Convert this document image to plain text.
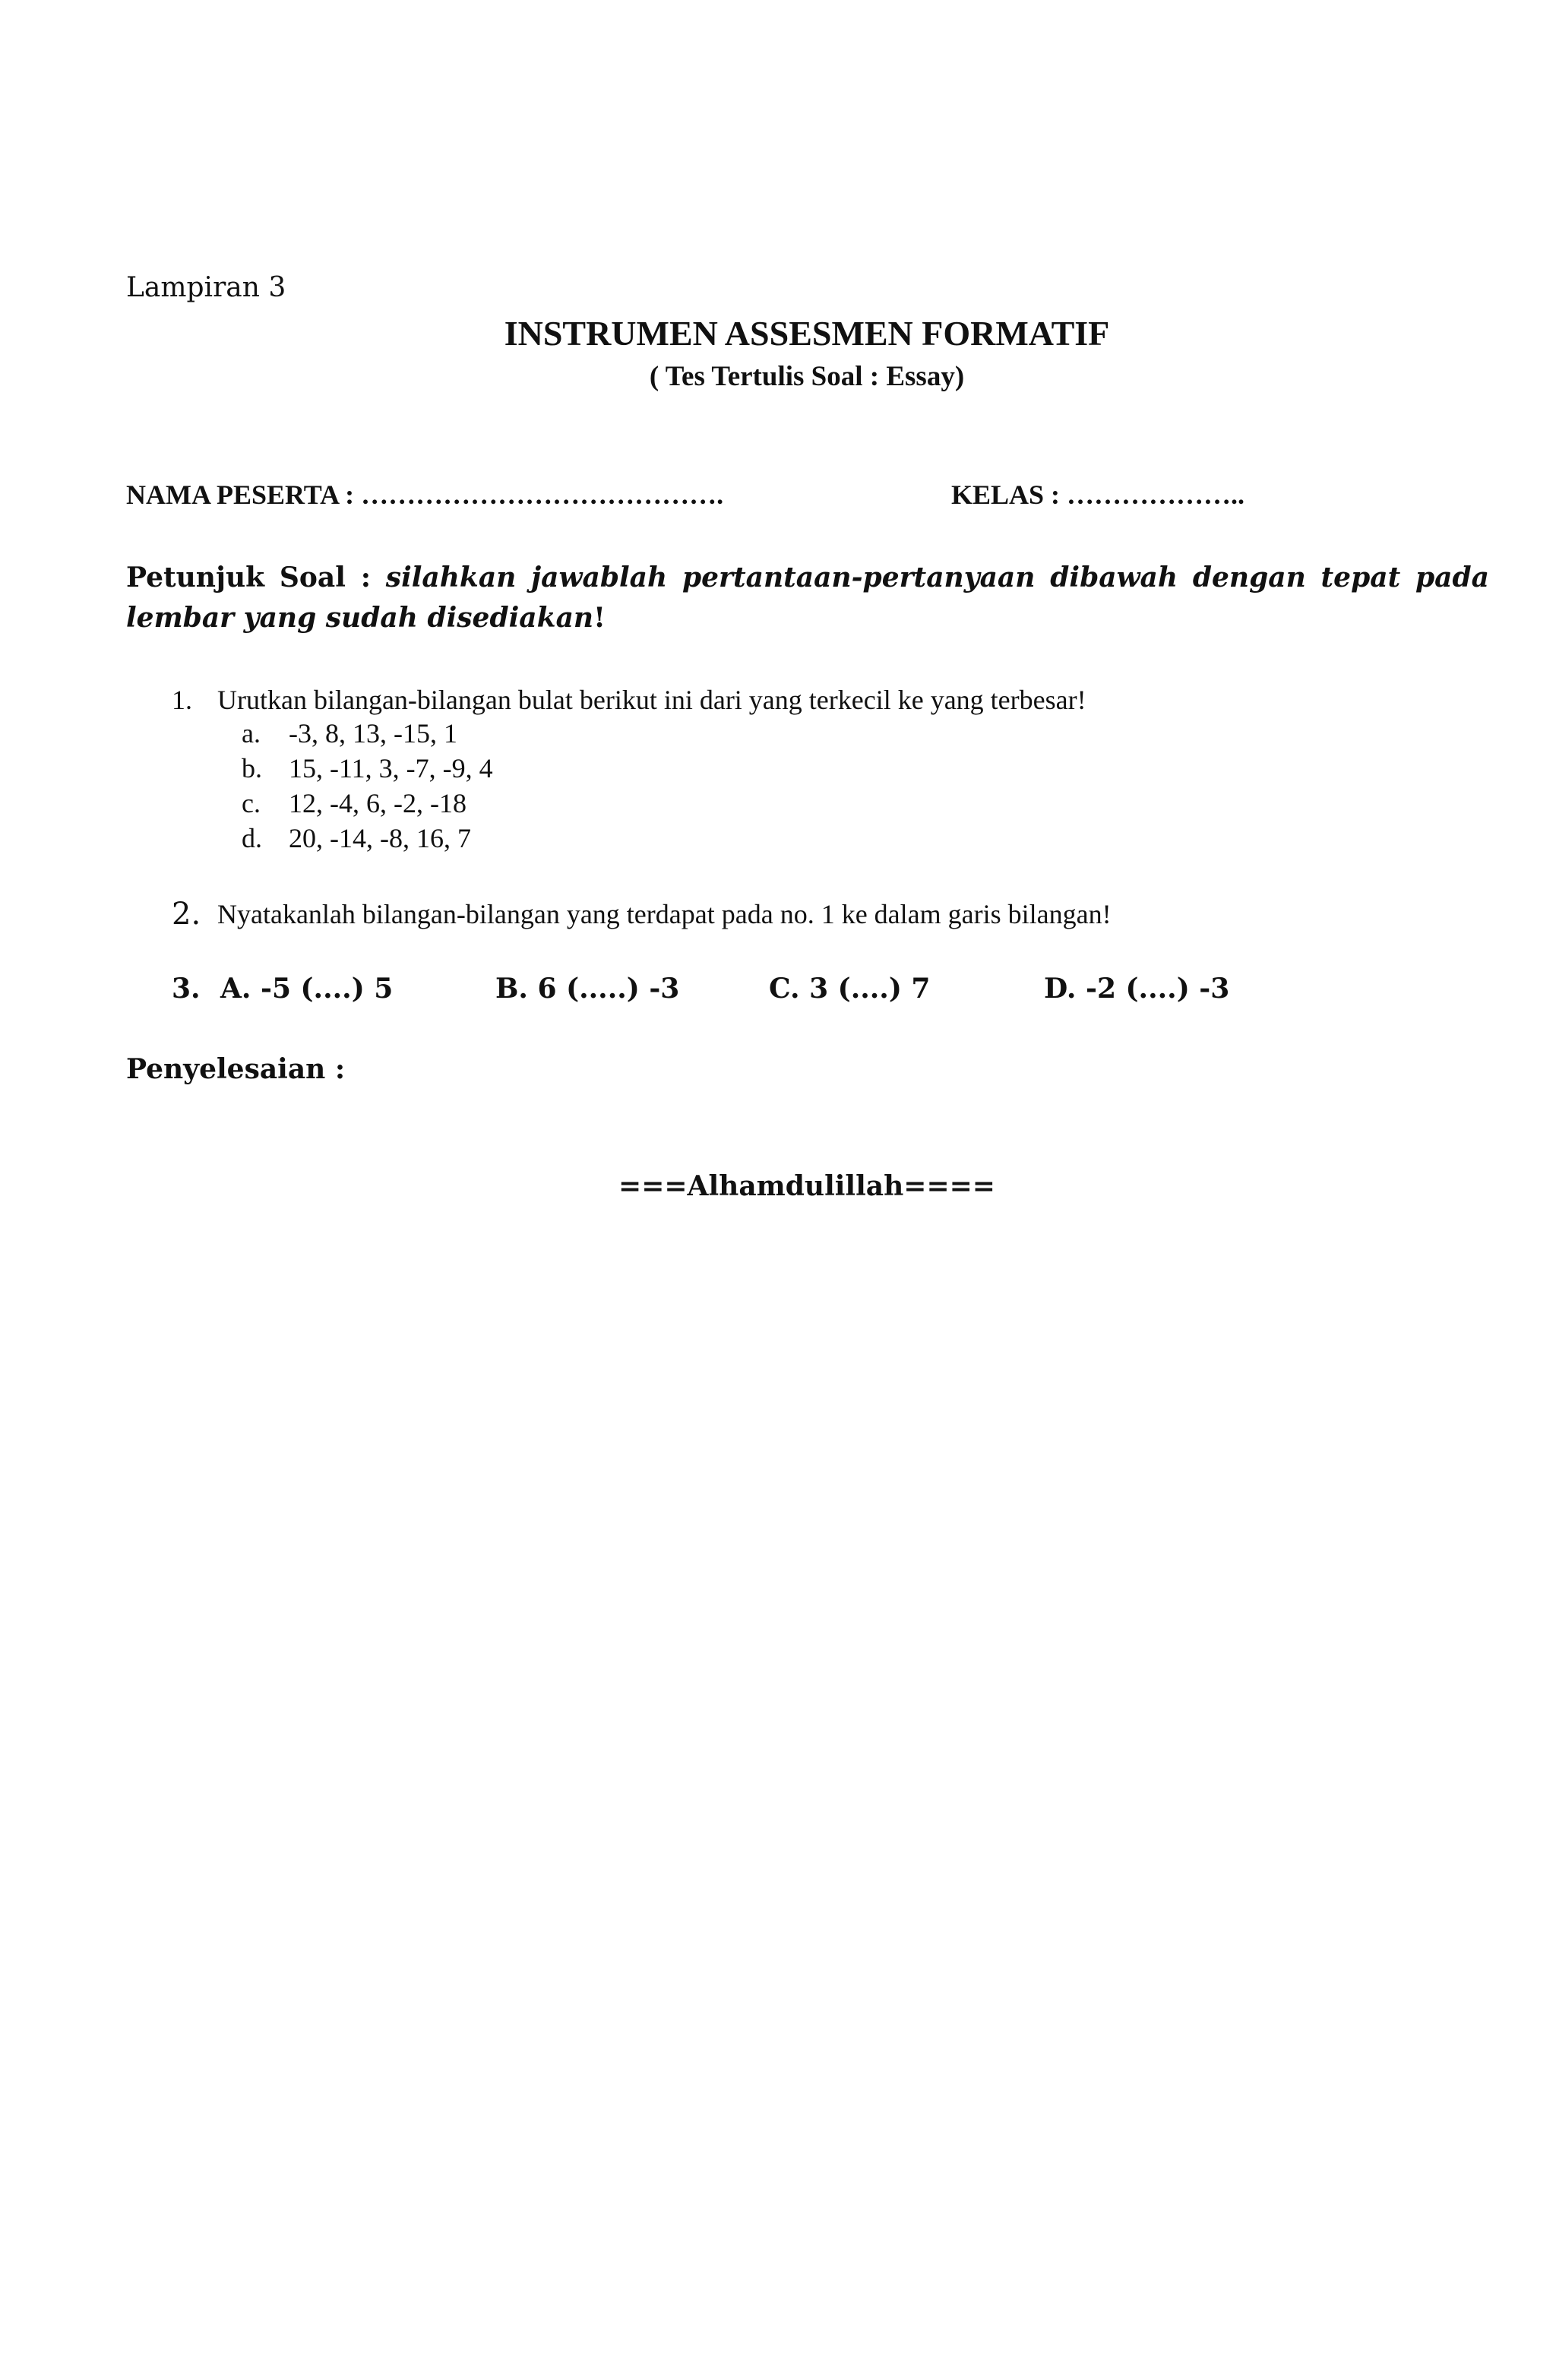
Lampiran 3
INSTRUMEN ASSESMEN FORMATIF
( Tes Tertulis Soal : Essay)
NAMA PESERTA : ………………………………….	KELAS : ………………..
Petunjuk Soal : silahkan jawablah pertantaan-pertanyaan dibawah dengan tepat pada lembar yang sudah disediakan!
1. Urutkan bilangan-bilangan bulat berikut ini dari yang terkecil ke yang terbesar!
a. -3, 8, 13, -15, 1
b. 15, -11, 3, -7, -9, 4
c. 12, -4, 6, -2, -18
d. 20, -14, -8, 16, 7
2. Nyatakanlah bilangan-bilangan yang terdapat pada no. 1 ke dalam garis bilangan!
3. A. -5 (....) 5	B. 6 (.....) -3	C. 3 (....) 7	D. -2 (....) -3
Penyelesaian :
===Alhamdulillah====
